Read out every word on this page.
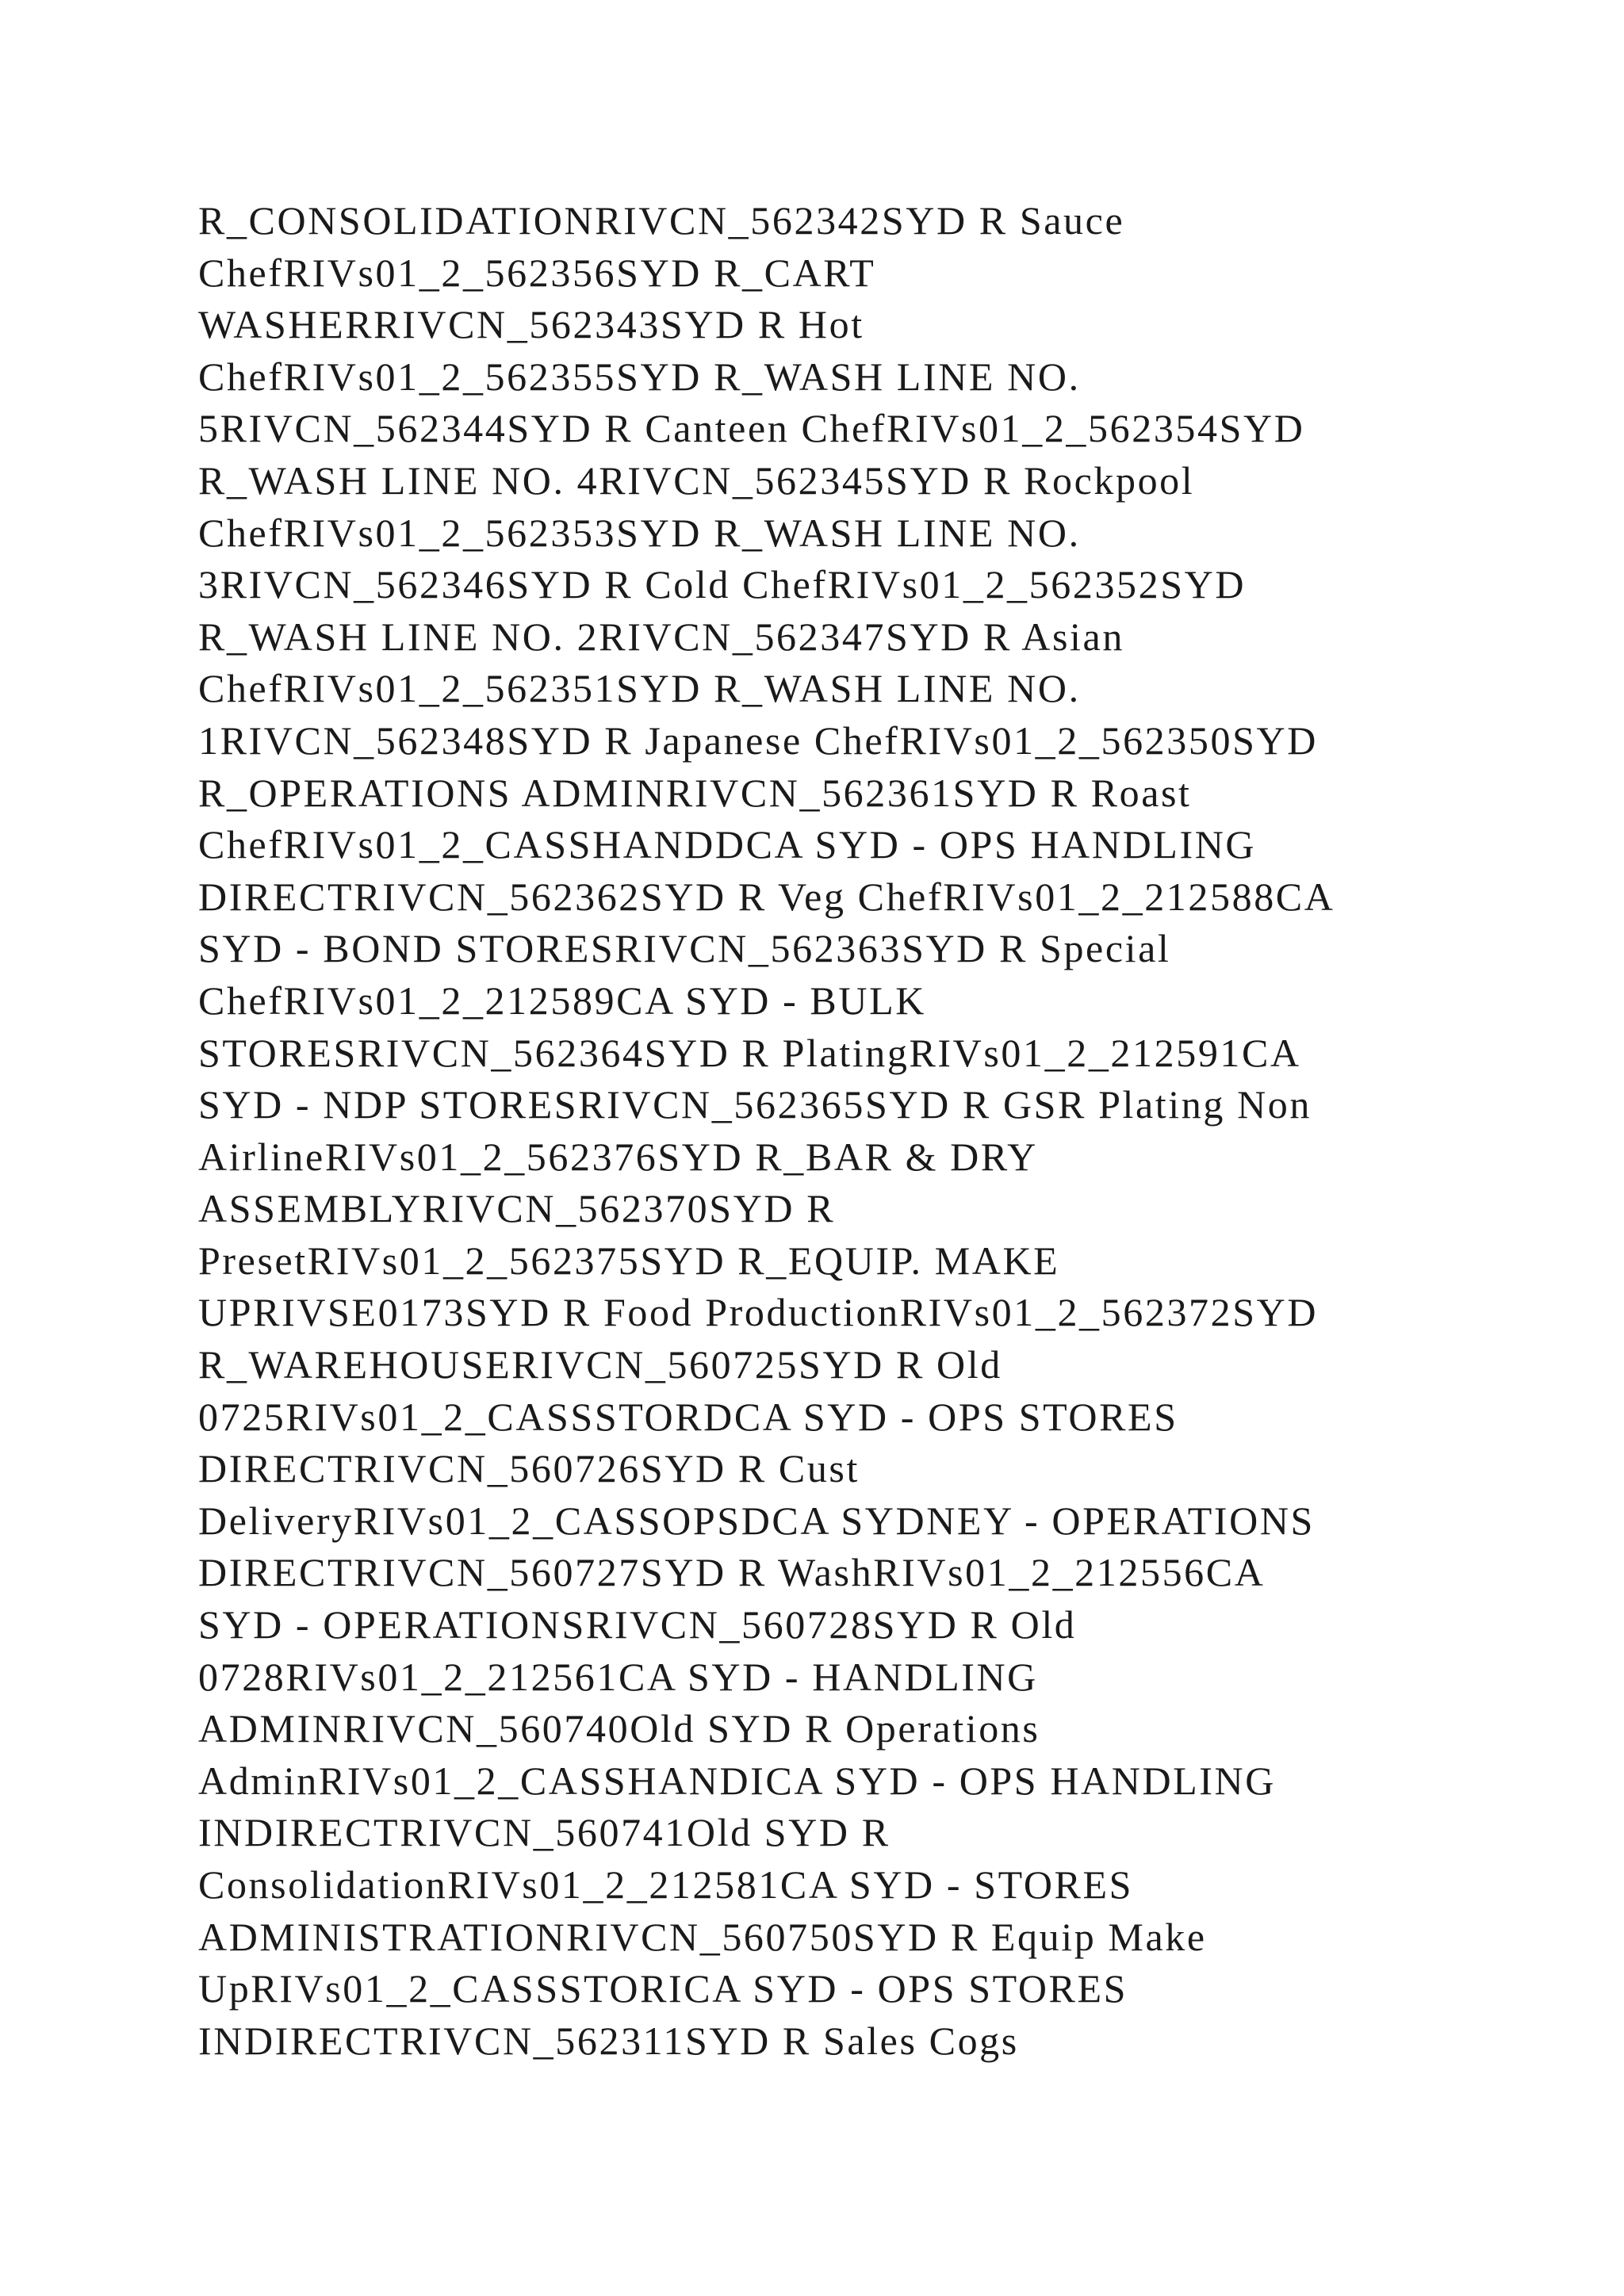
R_CONSOLIDATIONRIVCN_562342SYD R Sauce
ChefRIVs01_2_562356SYD R_CART
WASHERRIVCN_562343SYD R Hot
ChefRIVs01_2_562355SYD R_WASH LINE NO.
5RIVCN_562344SYD R Canteen ChefRIVs01_2_562354SYD
R_WASH LINE NO. 4RIVCN_562345SYD R Rockpool
ChefRIVs01_2_562353SYD R_WASH LINE NO.
3RIVCN_562346SYD R Cold ChefRIVs01_2_562352SYD
R_WASH LINE NO. 2RIVCN_562347SYD R Asian
ChefRIVs01_2_562351SYD R_WASH LINE NO.
1RIVCN_562348SYD R Japanese ChefRIVs01_2_562350SYD
R_OPERATIONS ADMINRIVCN_562361SYD R Roast
ChefRIVs01_2_CASSHANDDCA SYD - OPS HANDLING
DIRECTRIVCN_562362SYD R Veg ChefRIVs01_2_212588CA
SYD - BOND STORESRIVCN_562363SYD R Special
ChefRIVs01_2_212589CA SYD - BULK
STORESRIVCN_562364SYD R PlatingRIVs01_2_212591CA
SYD - NDP STORESRIVCN_562365SYD R GSR Plating Non
AirlineRIVs01_2_562376SYD R_BAR & DRY
ASSEMBLYRIVCN_562370SYD R
PresetRIVs01_2_562375SYD R_EQUIP. MAKE
UPRIVSE0173SYD R Food ProductionRIVs01_2_562372SYD
R_WAREHOUSERIVCN_560725SYD R Old
0725RIVs01_2_CASSSTORDCA SYD - OPS STORES
DIRECTRIVCN_560726SYD R Cust
DeliveryRIVs01_2_CASSOPSDCA SYDNEY - OPERATIONS
DIRECTRIVCN_560727SYD R WashRIVs01_2_212556CA
SYD - OPERATIONSRIVCN_560728SYD R Old
0728RIVs01_2_212561CA SYD - HANDLING
ADMINRIVCN_560740Old SYD R Operations
AdminRIVs01_2_CASSHANDICA SYD - OPS HANDLING
INDIRECTRIVCN_560741Old SYD R
ConsolidationRIVs01_2_212581CA SYD - STORES
ADMINISTRATIONRIVCN_560750SYD R Equip Make
UpRIVs01_2_CASSSTORICA SYD - OPS STORES
INDIRECTRIVCN_562311SYD R Sales Cogs
